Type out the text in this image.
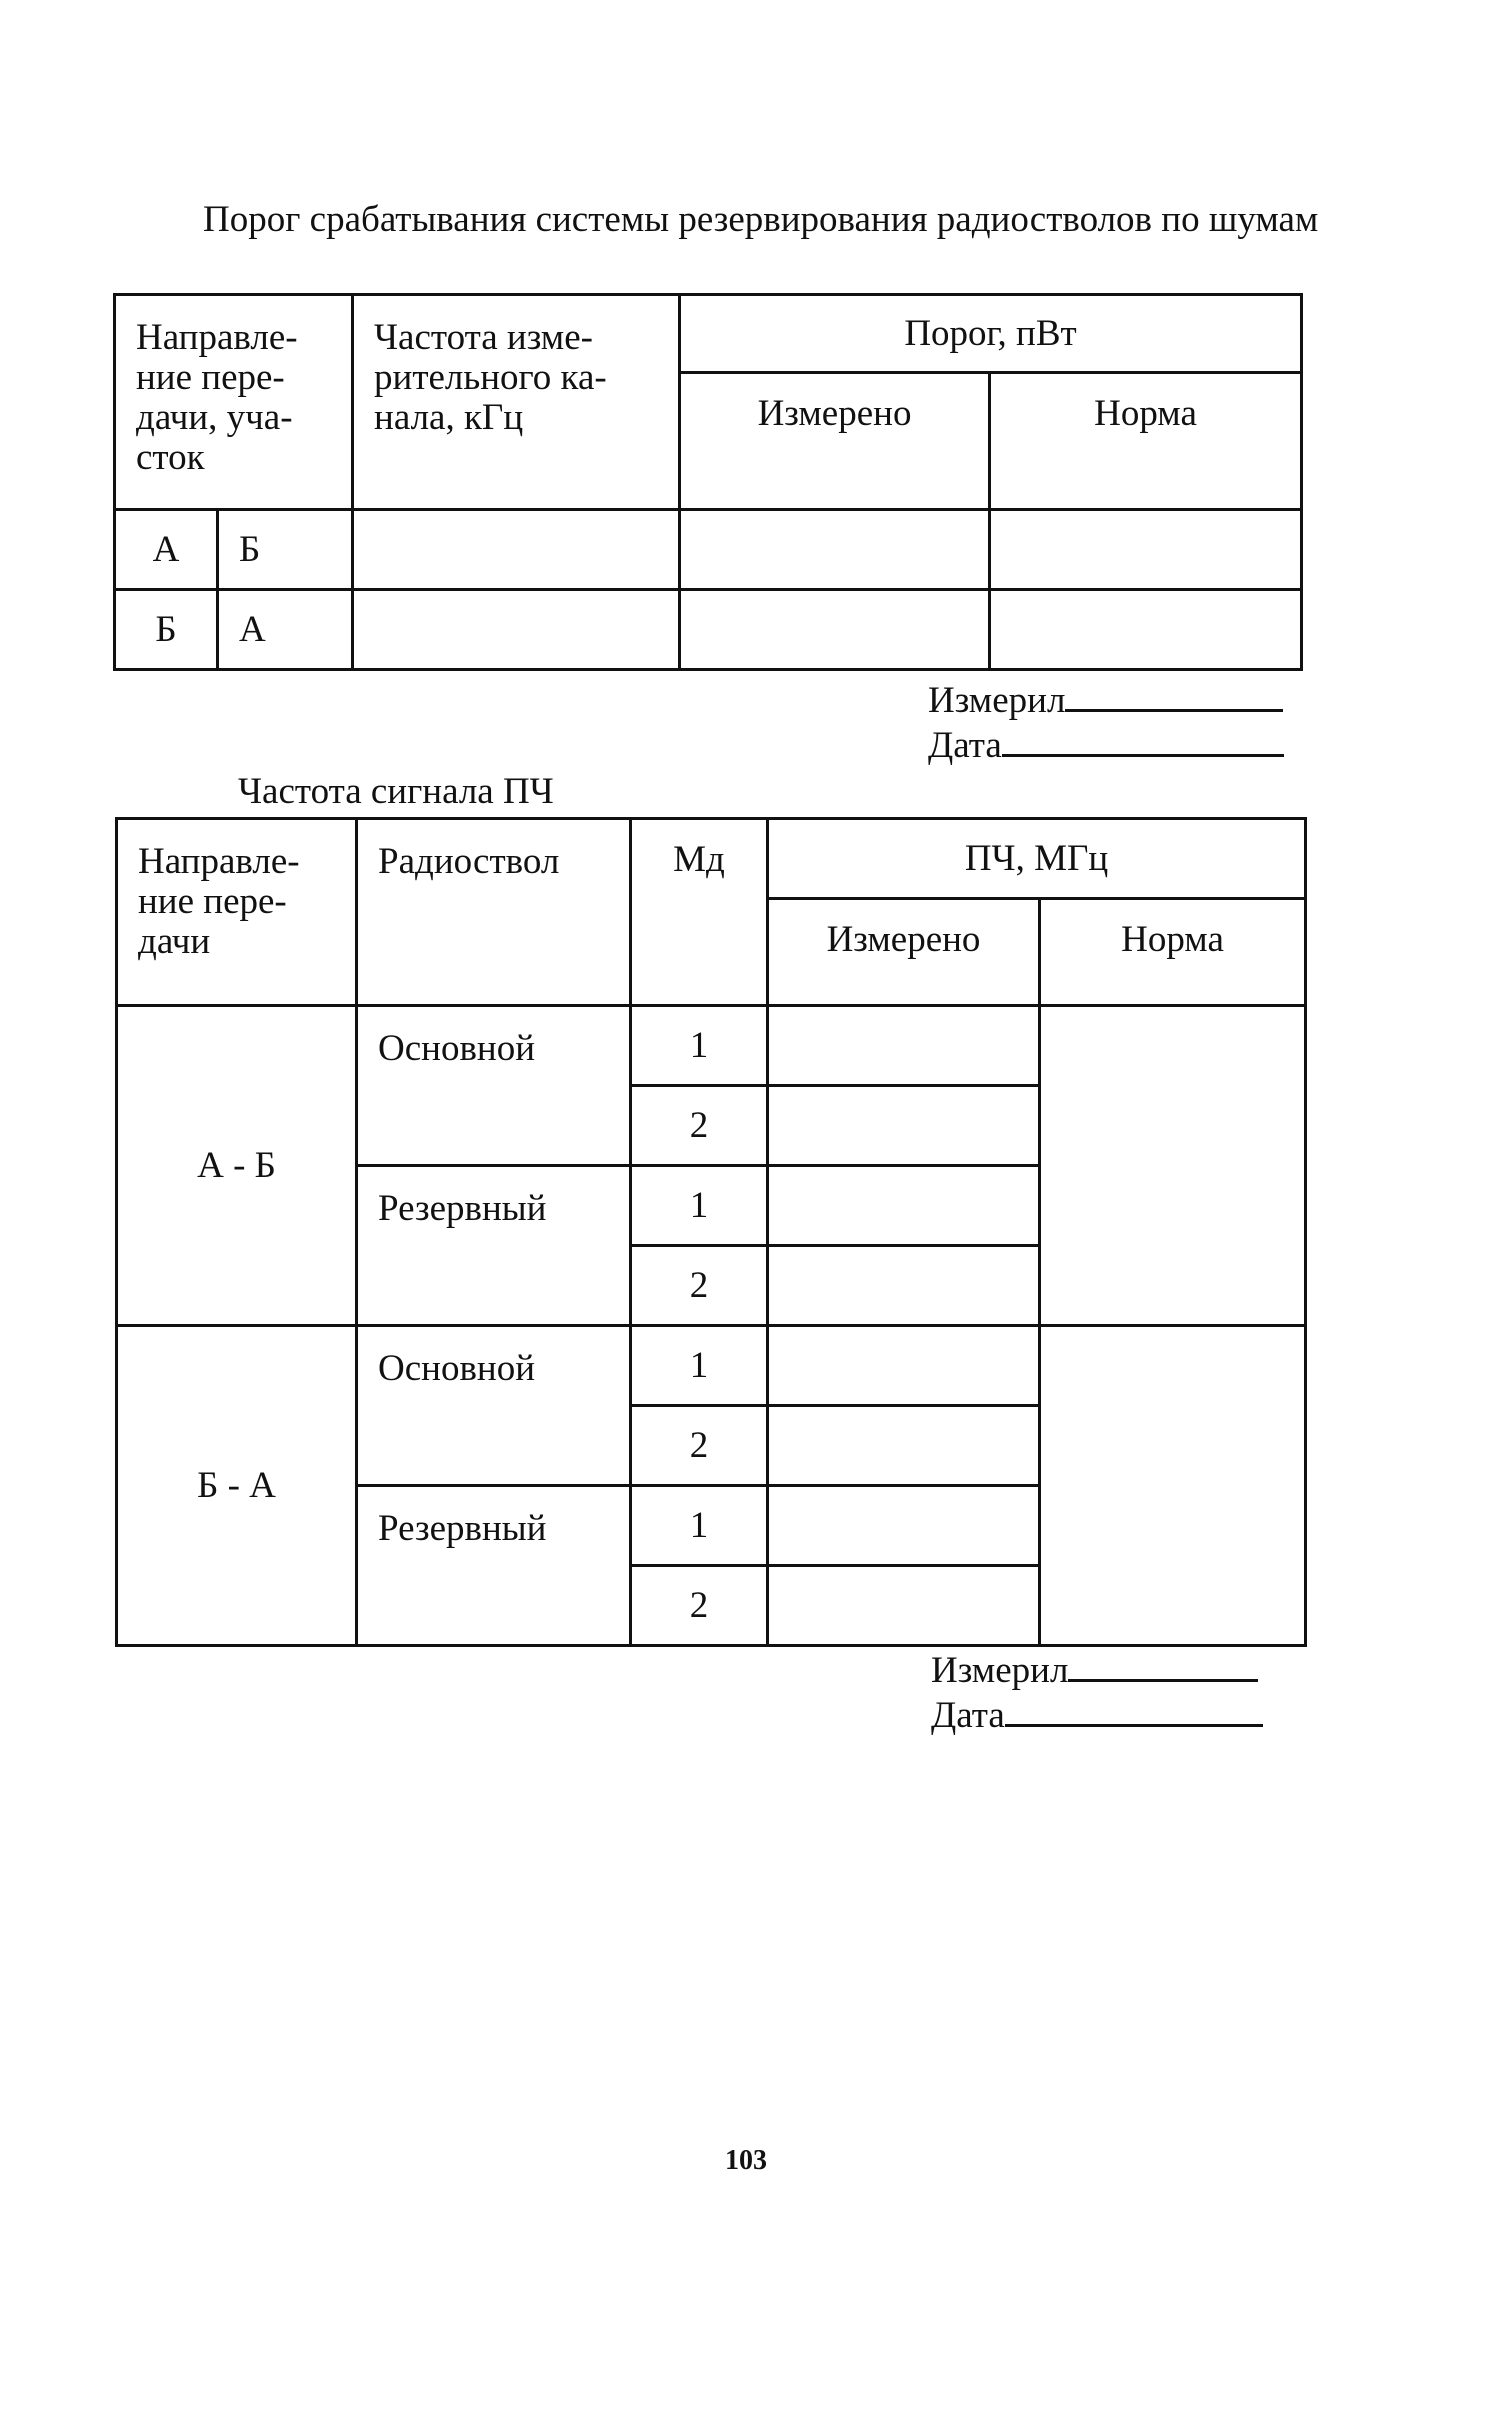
Порог срабатывания системы резервирования радиостволов по шумам
Направле-ние пере-дачи, уча-сток		Частота изме-рительного ка-нала, кГц	Порог, пВт	
			Измерено	Норма
А	Б			
Б	А			
Измерил
Дата
Частота сигнала ПЧ
Направле-ние пере-дачи	Радиоствол	Мд	ПЧ, МГц	
			Измерено	Норма
А - Б	Основной	1		
		2		
	Резервный	1		
		2		
Б - А	Основной	1		
		2		
	Резервный	1		
		2		
Измерил
Дата
103
